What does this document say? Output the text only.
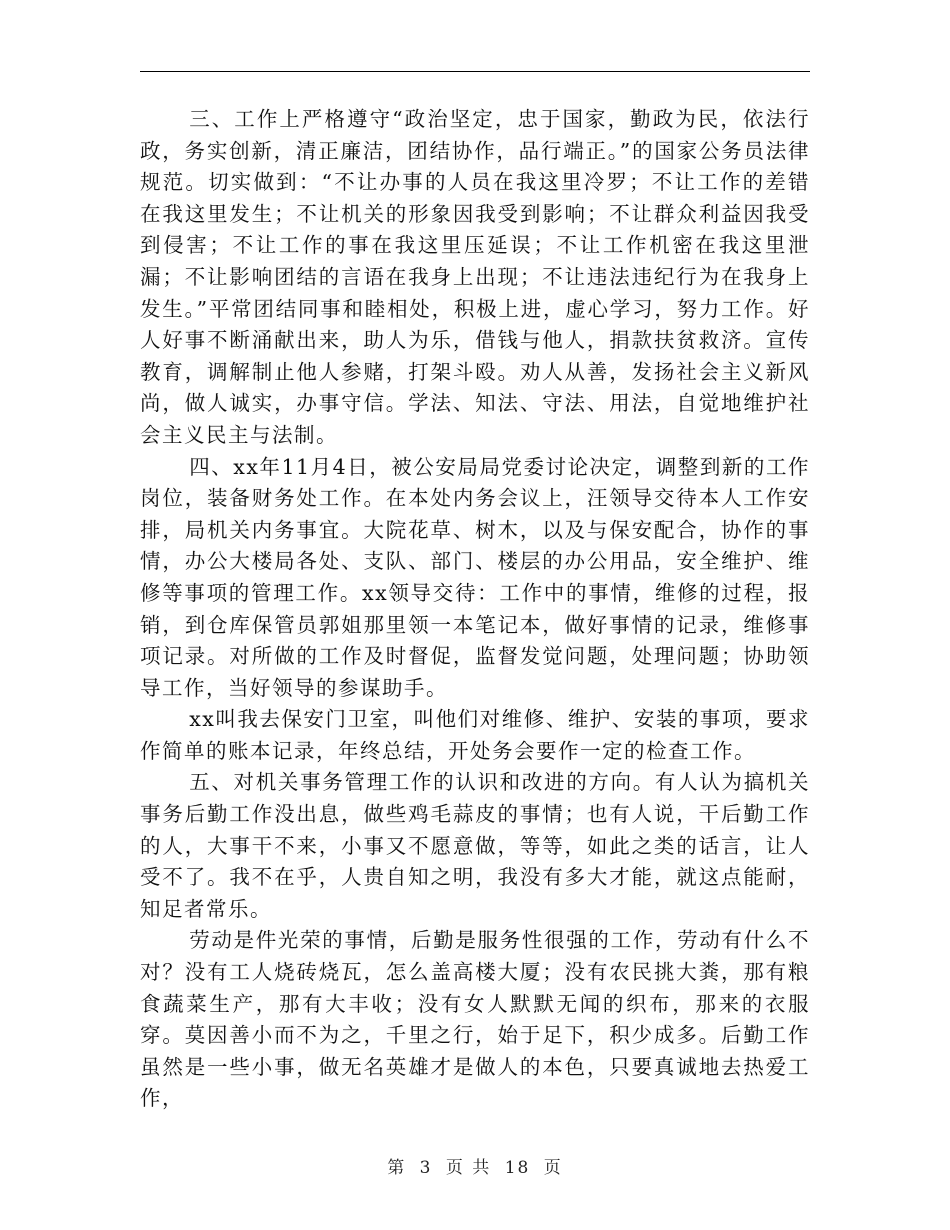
三、工作上严格遵守“政治坚定，忠于国家，勤政为民，依法行政，务实创新，清正廉洁，团结协作，品行端正。”的国家公务员法律规范。切实做到：“不让办事的人员在我这里冷罗；不让工作的差错在我这里发生；不让机关的形象因我受到影响；不让群众利益因我受到侵害；不让工作的事在我这里压延误；不让工作机密在我这里泄漏；不让影响团结的言语在我身上出现；不让违法违纪行为在我身上发生。”平常团结同事和睦相处，积极上进，虚心学习，努力工作。好人好事不断涌献出来，助人为乐，借钱与他人，捐款扶贫救济。宣传教育，调解制止他人参赌，打架斗殴。劝人从善，发扬社会主义新风尚，做人诚实，办事守信。学法、知法、守法、用法，自觉地维护社会主义民主与法制。

四、xx年11月4日，被公安局局党委讨论决定，调整到新的工作岗位，装备财务处工作。在本处内务会议上，汪领导交待本人工作安排，局机关内务事宜。大院花草、树木，以及与保安配合，协作的事情，办公大楼局各处、支队、部门、楼层的办公用品，安全维护、维修等事项的管理工作。xx领导交待：工作中的事情，维修的过程，报销，到仓库保管员郭姐那里领一本笔记本，做好事情的记录，维修事项记录。对所做的工作及时督促，监督发觉问题，处理问题；协助领导工作，当好领导的参谋助手。

xx叫我去保安门卫室，叫他们对维修、维护、安装的事项，要求作简单的账本记录，年终总结，开处务会要作一定的检查工作。

五、对机关事务管理工作的认识和改进的方向。有人认为搞机关事务后勤工作没出息，做些鸡毛蒜皮的事情；也有人说，干后勤工作的人，大事干不来，小事又不愿意做，等等，如此之类的话言，让人受不了。我不在乎，人贵自知之明，我没有多大才能，就这点能耐，知足者常乐。

劳动是件光荣的事情，后勤是服务性很强的工作，劳动有什么不对？没有工人烧砖烧瓦，怎么盖高楼大厦；没有农民挑大粪，那有粮食蔬菜生产，那有大丰收；没有女人默默无闻的织布，那来的衣服穿。莫因善小而不为之，千里之行，始于足下，积少成多。后勤工作虽然是一些小事，做无名英雄才是做人的本色，只要真诚地去热爱工作，

第 3 页 共 18 页
